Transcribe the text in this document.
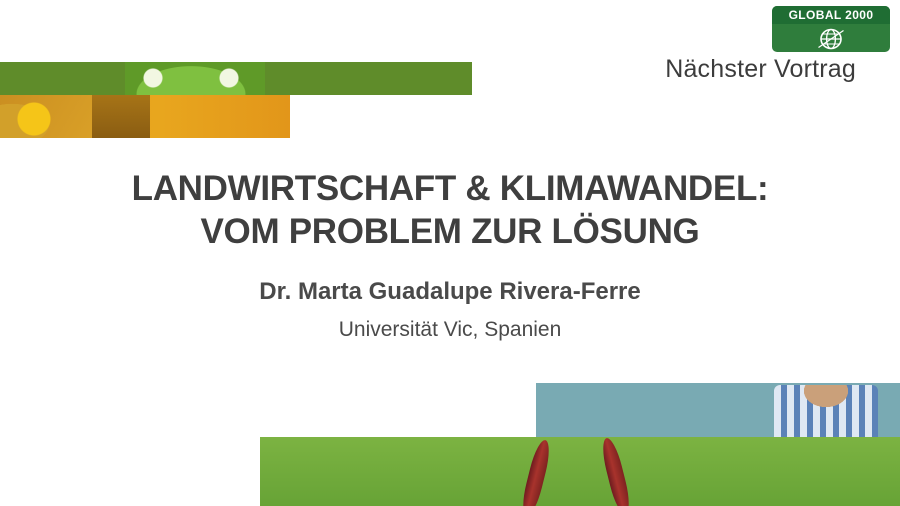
GLOBAL 2000
Nächster Vortrag
LANDWIRTSCHAFT & KLIMAWANDEL:
VOM PROBLEM ZUR LÖSUNG
Dr. Marta Guadalupe Rivera-Ferre
Universität Vic, Spanien
